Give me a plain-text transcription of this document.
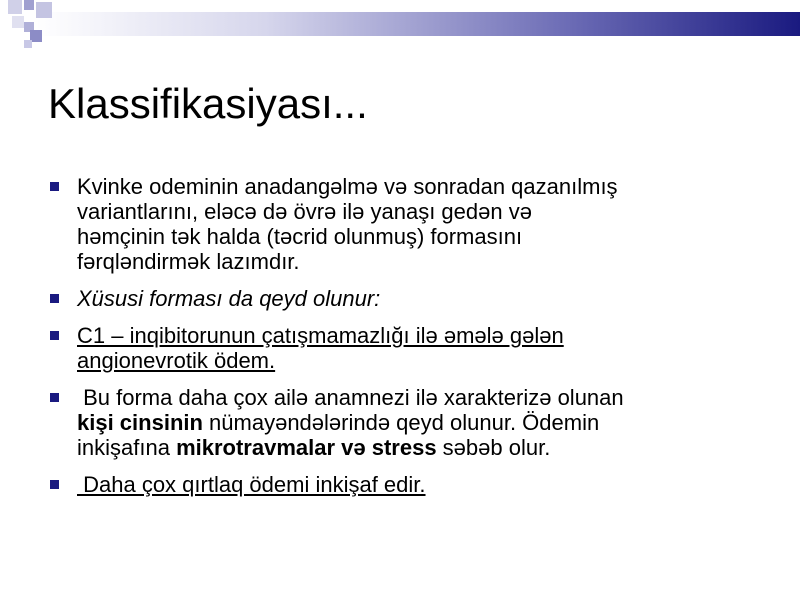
Klassifikasiyası...
Kvinke odeminin anadangəlmə və sonradan qazanılmış
variantlarını, eləcə də övrə ilə yanaşı gedən və
həmçinin tək halda (təcrid olunmuş) formasını
fərqləndirmək lazımdır.
Xüsusi forması da qeyd olunur:
C1 – inqibitorunun çatışmamazlığı ilə əmələ gələn
angionevrotik ödem.
Bu forma daha çox ailə anamnezi ilə xarakterizə olunan
kişi cinsinin nümayəndələrində qeyd olunur. Ödemin
inkişafına mikrotravmalar və stress səbəb olur.
Daha çox qırtlaq ödemi inkişaf edir.
